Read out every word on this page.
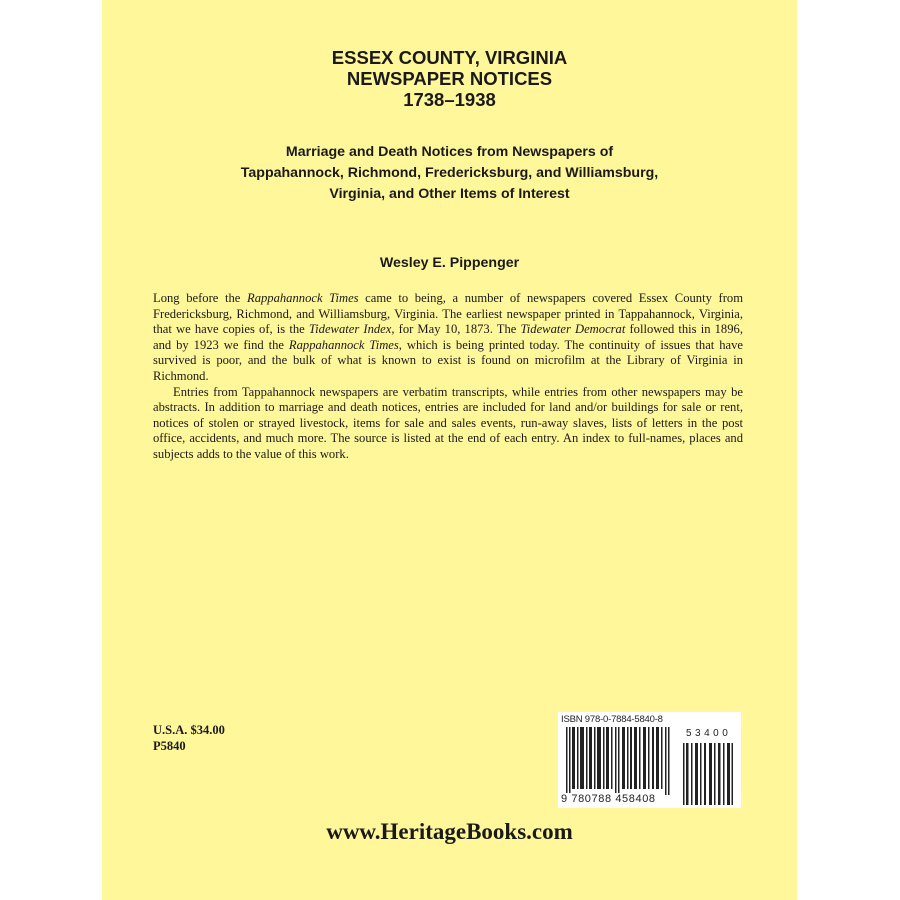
ESSEX COUNTY, VIRGINIA
NEWSPAPER NOTICES
1738–1938
Marriage and Death Notices from Newspapers of
Tappahannock, Richmond, Fredericksburg, and Williamsburg,
Virginia, and Other Items of Interest
Wesley E. Pippenger

Long before the Rappahannock Times came to being, a number of newspapers covered Essex County from Fredericksburg, Richmond, and Williamsburg, Virginia. The earliest newspaper printed in Tappahannock, Virginia, that we have copies of, is the Tidewater Index, for May 10, 1873. The Tidewater Democrat followed this in 1896, and by 1923 we find the Rappahannock Times, which is being printed today. The continuity of issues that have survived is poor, and the bulk of what is known to exist is found on microfilm at the Library of Virginia in Richmond.

Entries from Tappahannock newspapers are verbatim transcripts, while entries from other newspapers may be abstracts. In addition to marriage and death notices, entries are included for land and/or buildings for sale or rent, notices of stolen or strayed livestock, items for sale and sales events, run-away slaves, lists of letters in the post office, accidents, and much more. The source is listed at the end of each entry. An index to full-names, places and subjects adds to the value of this work.

U.S.A. $34.00
P5840
ISBN 978-0-7884-5840-8
53400
9 780788 458408
www.HeritageBooks.com
